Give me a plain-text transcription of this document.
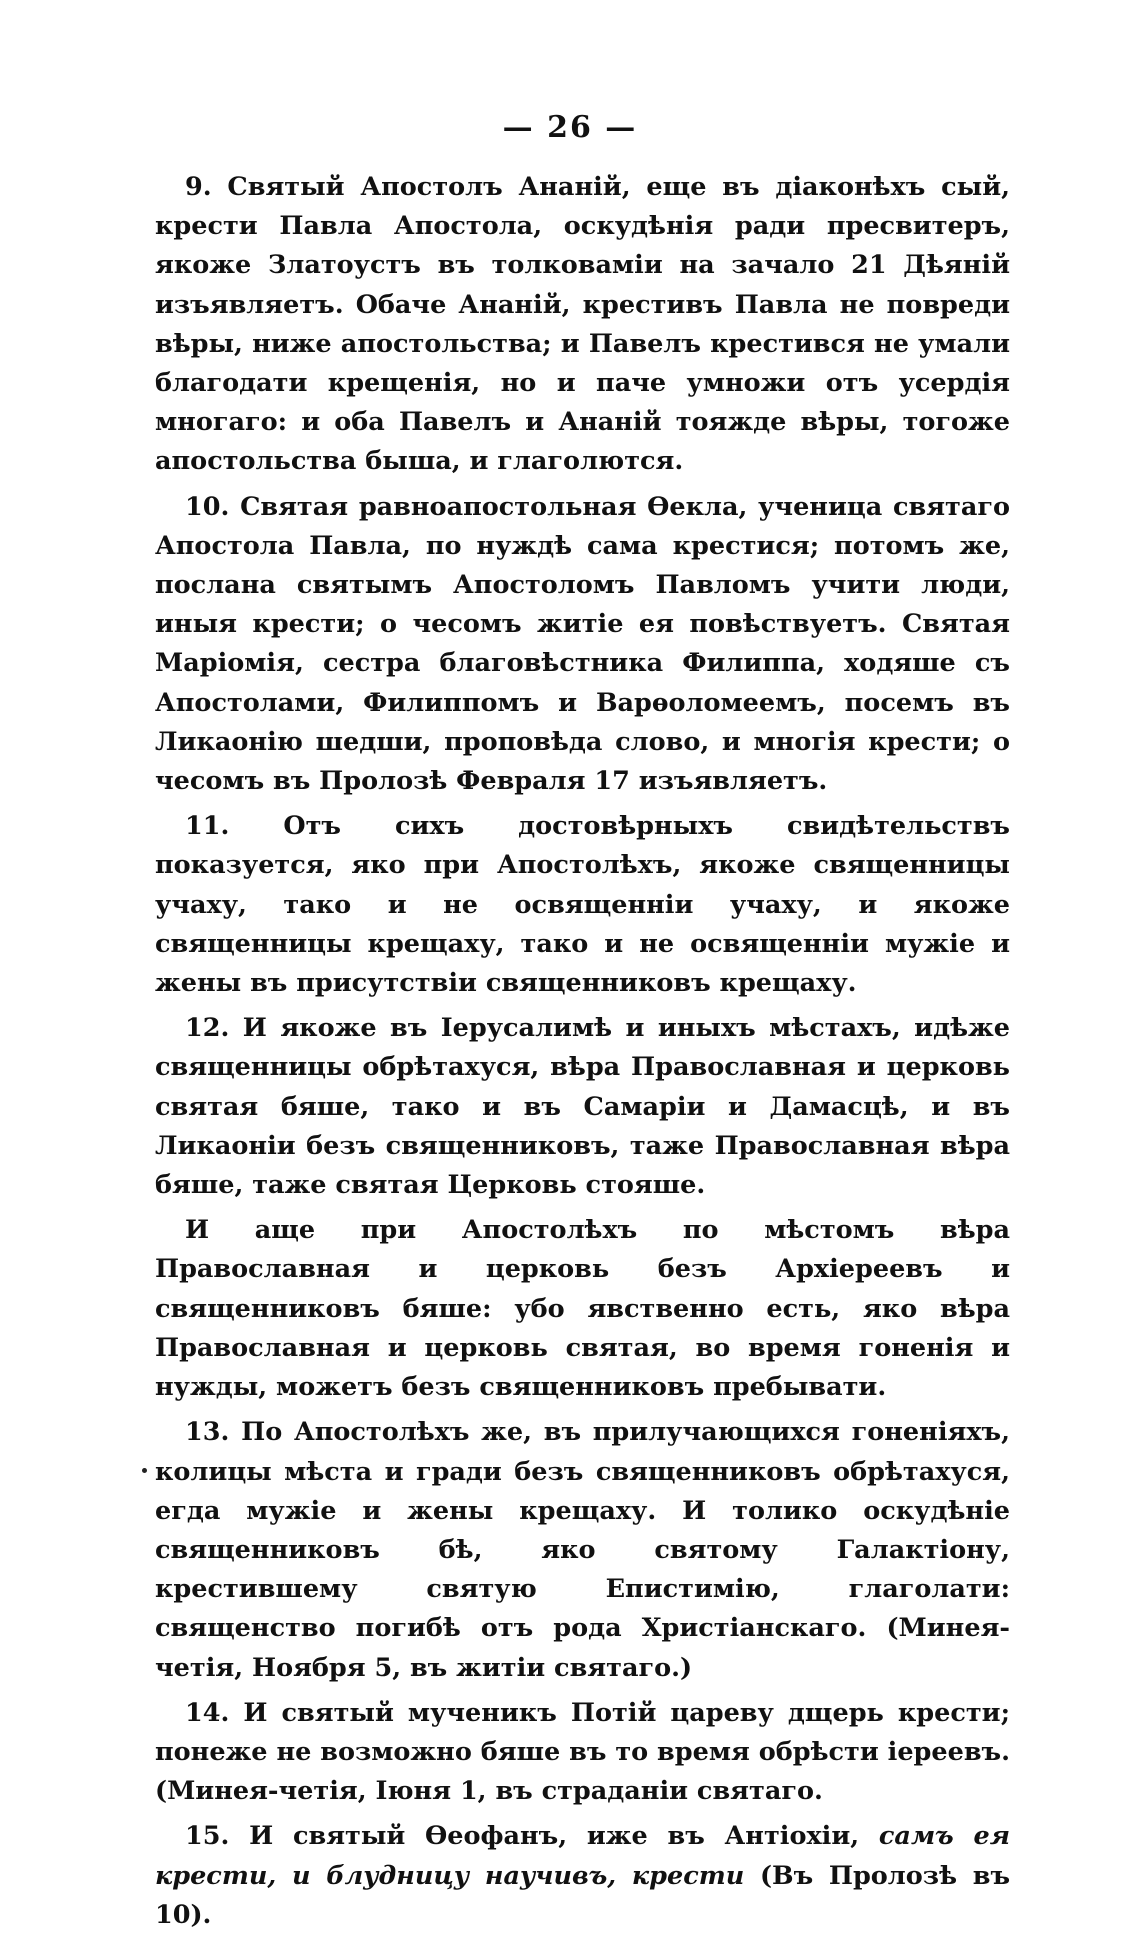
— 26 —

9. Святый Апостолъ Ананій, еще въ діаконѣхъ сый, крести Павла Апостола, оскудѣнія ради пресвитеръ, якоже Златоустъ въ толковаміи на зачало 21 Дѣяній изъявляетъ. Обаче Ананій, крестивъ Павла не повреди вѣры, ниже апостольства; и Павелъ крестився не умали благодати крещенія, но и паче умножи отъ усердія многаго: и оба Павелъ и Ананій тояжде вѣры, тогоже апостольства быша, и глаголются.

10. Святая равноапостольная Ѳекла, ученица святаго Апостола Павла, по нуждѣ сама крестися; потомъ же, послана святымъ Апостоломъ Павломъ учити люди, иныя крести; о чесомъ житіе ея повѣствуетъ. Святая Маріомія, сестра благовѣстника Филиппа, ходяше съ Апостолами, Филиппомъ и Варѳоломеемъ, посемъ въ Ликаонію шедши, проповѣда слово, и многія крести; о чесомъ въ Пролозѣ Февраля 17 изъявляетъ.

11. Отъ сихъ достовѣрныхъ свидѣтельствъ показуется, яко при Апостолѣхъ, якоже священницы учаху, тако и не освященніи учаху, и якоже священницы крещаху, тако и не освященніи мужіе и жены въ присутствіи священниковъ крещаху.

12. И якоже въ Іерусалимѣ и иныхъ мѣстахъ, идѣже священницы обрѣтахуся, вѣра Православная и церковь святая бяше, тако и въ Самаріи и Дамасцѣ, и въ Ликаоніи безъ священниковъ, таже Православная вѣра бяше, таже святая Церковь стояше.

И аще при Апостолѣхъ по мѣстомъ вѣра Православная и церковь безъ Архіереевъ и священниковъ бяше: убо явственно есть, яко вѣра Православная и церковь святая, во время гоненія и нужды, можетъ безъ священниковъ пребывати.

13. По Апостолѣхъ же, въ прилучающихся гоненіяхъ, колицы мѣста и гради безъ священниковъ обрѣтахуся, егда мужіе и жены крещаху. И толико оскудѣніе священниковъ бѣ, яко святому Галактіону, крестившему святую Епистимію, глаголати: священство погибѣ отъ рода Христіанскаго. (Минея-четія, Ноября 5, въ житіи святаго.)

14. И святый мученикъ Потій цареву дщерь крести; понеже не возможно бяше въ то время обрѣсти іереевъ. (Минея-четія, Іюня 1, въ страданіи святаго.

15. И святый Ѳеофанъ, иже въ Антіохіи, самъ ея крести, и блудницу научивъ, крести (Въ Пролозѣ въ 10).
